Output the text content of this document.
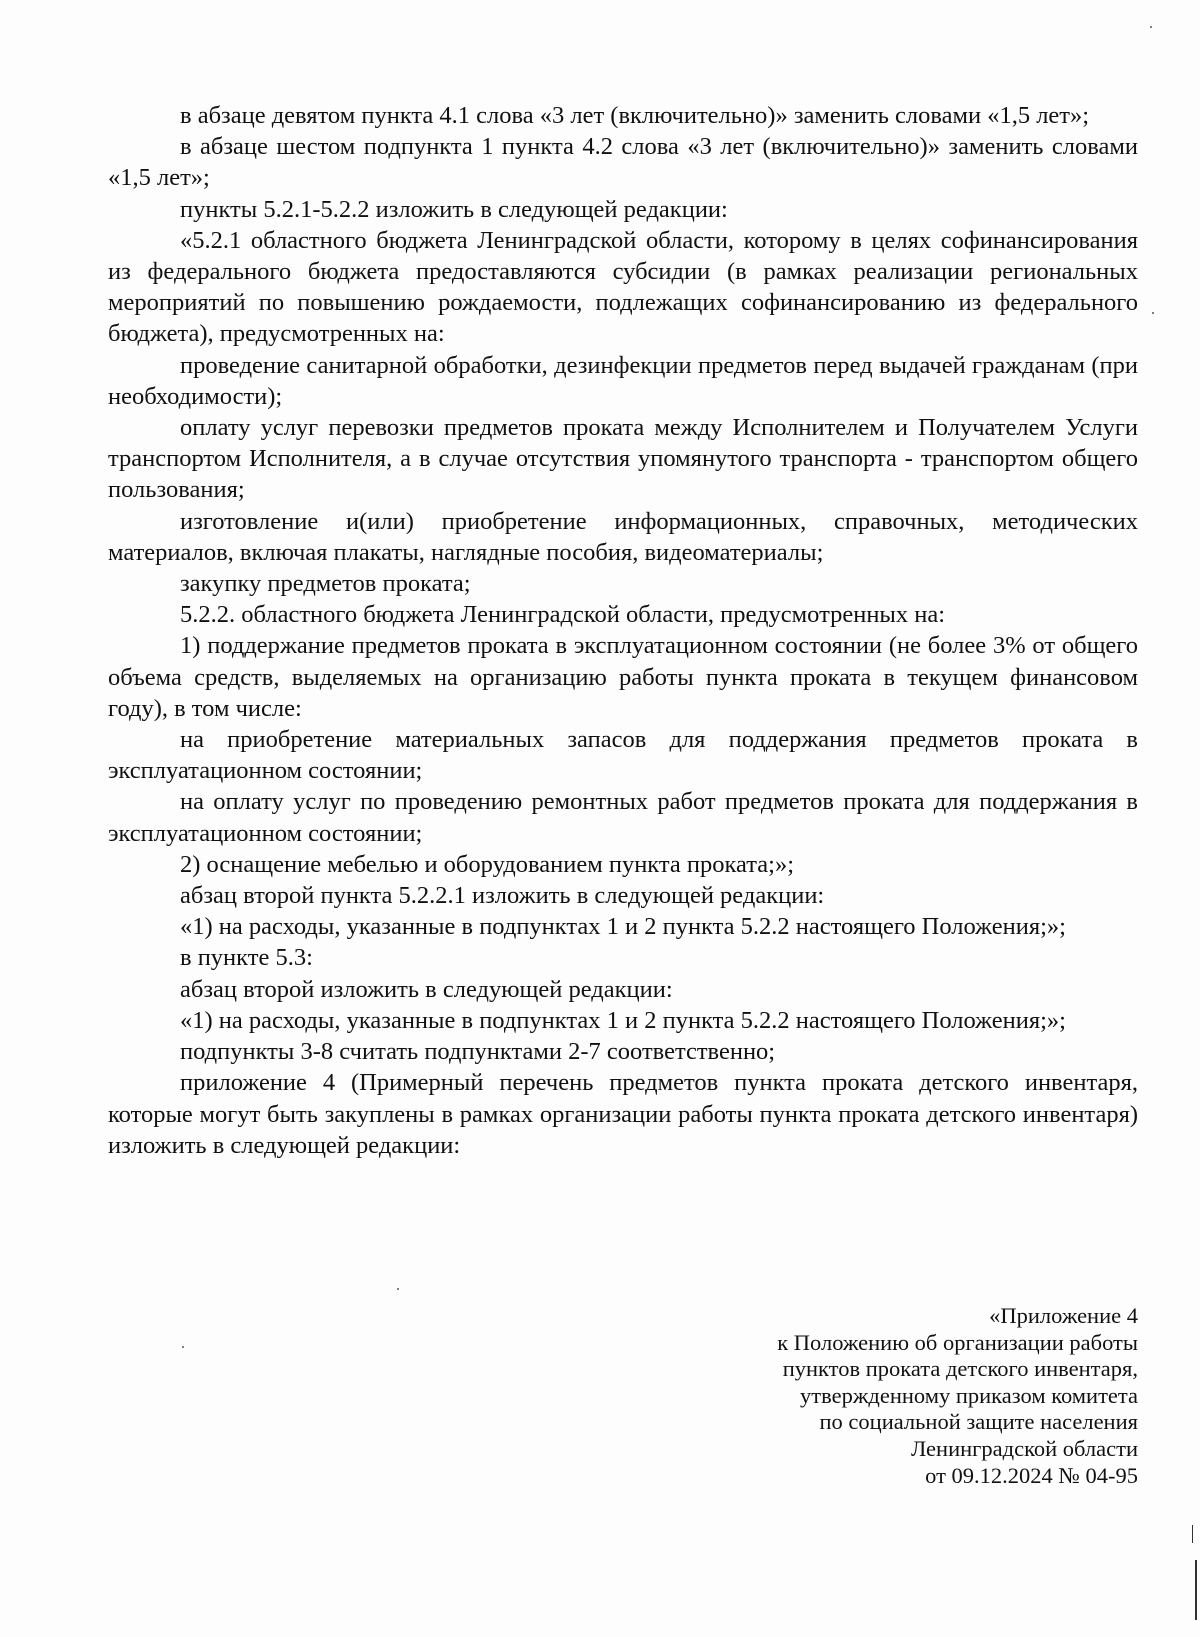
в абзаце девятом пункта 4.1 слова «3 лет (включительно)» заменить словами «1,5 лет»;

в абзаце шестом подпункта 1 пункта 4.2 слова «3 лет (включительно)» заменить словами «1,5 лет»;

пункты 5.2.1-5.2.2 изложить в следующей редакции:

«5.2.1 областного бюджета Ленинградской области, которому в целях софинансирования из федерального бюджета предоставляются субсидии (в рамках реализации региональных мероприятий по повышению рождаемости, подлежащих софинансированию из федерального бюджета), предусмотренных на:

проведение санитарной обработки, дезинфекции предметов перед выдачей гражданам (при необходимости);

оплату услуг перевозки предметов проката между Исполнителем и Получателем Услуги транспортом Исполнителя, а в случае отсутствия упомянутого транспорта - транспортом общего пользования;

изготовление и(или) приобретение информационных, справочных, методических материалов, включая плакаты, наглядные пособия, видеоматериалы;

закупку предметов проката;

5.2.2. областного бюджета Ленинградской области, предусмотренных на:

1) поддержание предметов проката в эксплуатационном состоянии (не более 3% от общего объема средств, выделяемых на организацию работы пункта проката в текущем финансовом году), в том числе:

на приобретение материальных запасов для поддержания предметов проката в эксплуатационном состоянии;

на оплату услуг по проведению ремонтных работ предметов проката для поддержания в эксплуатационном состоянии;

2) оснащение мебелью и оборудованием пункта проката;»;

абзац второй пункта 5.2.2.1 изложить в следующей редакции:

«1) на расходы, указанные в подпунктах 1 и 2 пункта 5.2.2 настоящего Положения;»;

в пункте 5.3:

абзац второй изложить в следующей редакции:

«1) на расходы, указанные в подпунктах 1 и 2 пункта 5.2.2 настоящего Положения;»;

подпункты 3-8 считать подпунктами 2-7 соответственно;

приложение 4 (Примерный перечень предметов пункта проката детского инвентаря, которые могут быть закуплены в рамках организации работы пункта проката детского инвентаря) изложить в следующей редакции:

«Приложение 4
к Положению об организации работы
пунктов проката детского инвентаря,
утвержденному приказом комитета
по социальной защите населения
Ленинградской области
от 09.12.2024 № 04-95
